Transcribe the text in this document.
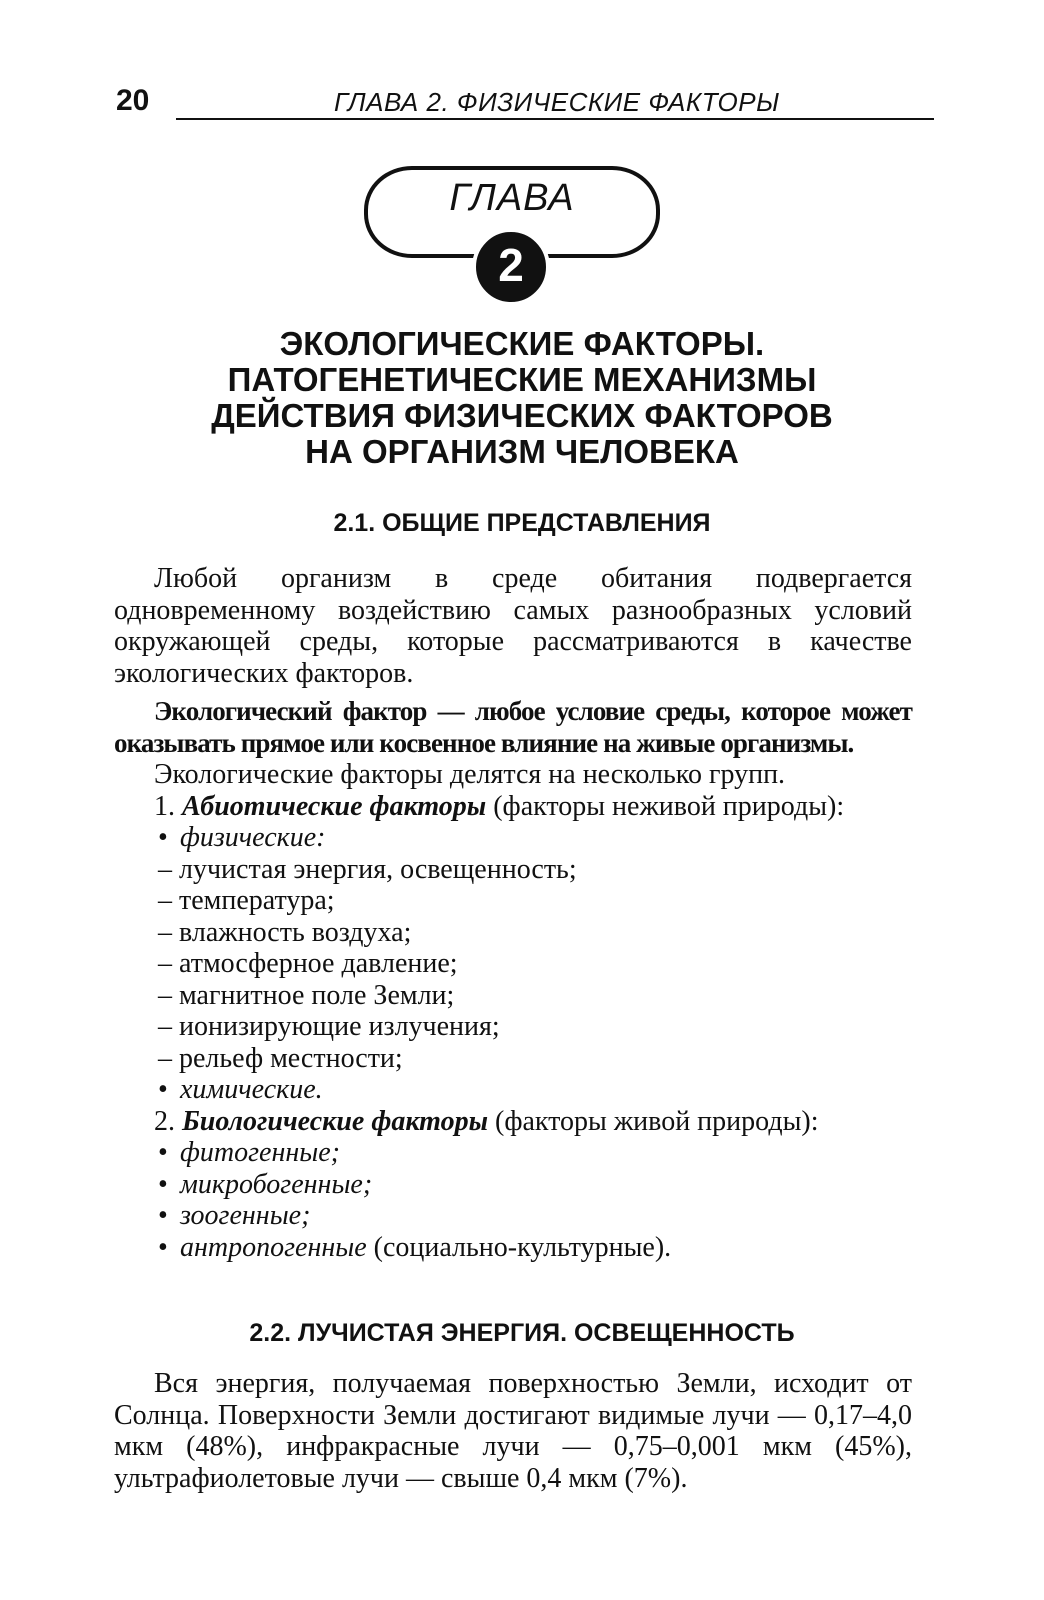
20	ГЛАВА 2. ФИЗИЧЕСКИЕ ФАКТОРЫ
ГЛАВА
2
ЭКОЛОГИЧЕСКИЕ ФАКТОРЫ.
ПАТОГЕНЕТИЧЕСКИЕ МЕХАНИЗМЫ
ДЕЙСТВИЯ ФИЗИЧЕСКИХ ФАКТОРОВ
НА ОРГАНИЗМ ЧЕЛОВЕКА
2.1. ОБЩИЕ ПРЕДСТАВЛЕНИЯ
Любой организм в среде обитания подвергается одновременному воздействию самых разнообразных условий окружающей среды, которые рассматриваются в качестве экологических факторов.
Экологический фактор — любое условие среды, которое может оказывать прямое или косвенное влияние на живые организмы.
Экологические факторы делятся на несколько групп.
1. Абиотические факторы (факторы неживой природы):
• физические:
– лучистая энергия, освещенность;
– температура;
– влажность воздуха;
– атмосферное давление;
– магнитное поле Земли;
– ионизирующие излучения;
– рельеф местности;
• химические.
2. Биологические факторы (факторы живой природы):
• фитогенные;
• микробогенные;
• зоогенные;
• антропогенные (социально-культурные).
2.2. ЛУЧИСТАЯ ЭНЕРГИЯ. ОСВЕЩЕННОСТЬ
Вся энергия, получаемая поверхностью Земли, исходит от Солнца. Поверхности Земли достигают видимые лучи — 0,17–4,0 мкм (48%), инфракрасные лучи — 0,75–0,001 мкм (45%), ультрафиолетовые лучи — свыше 0,4 мкм (7%).
